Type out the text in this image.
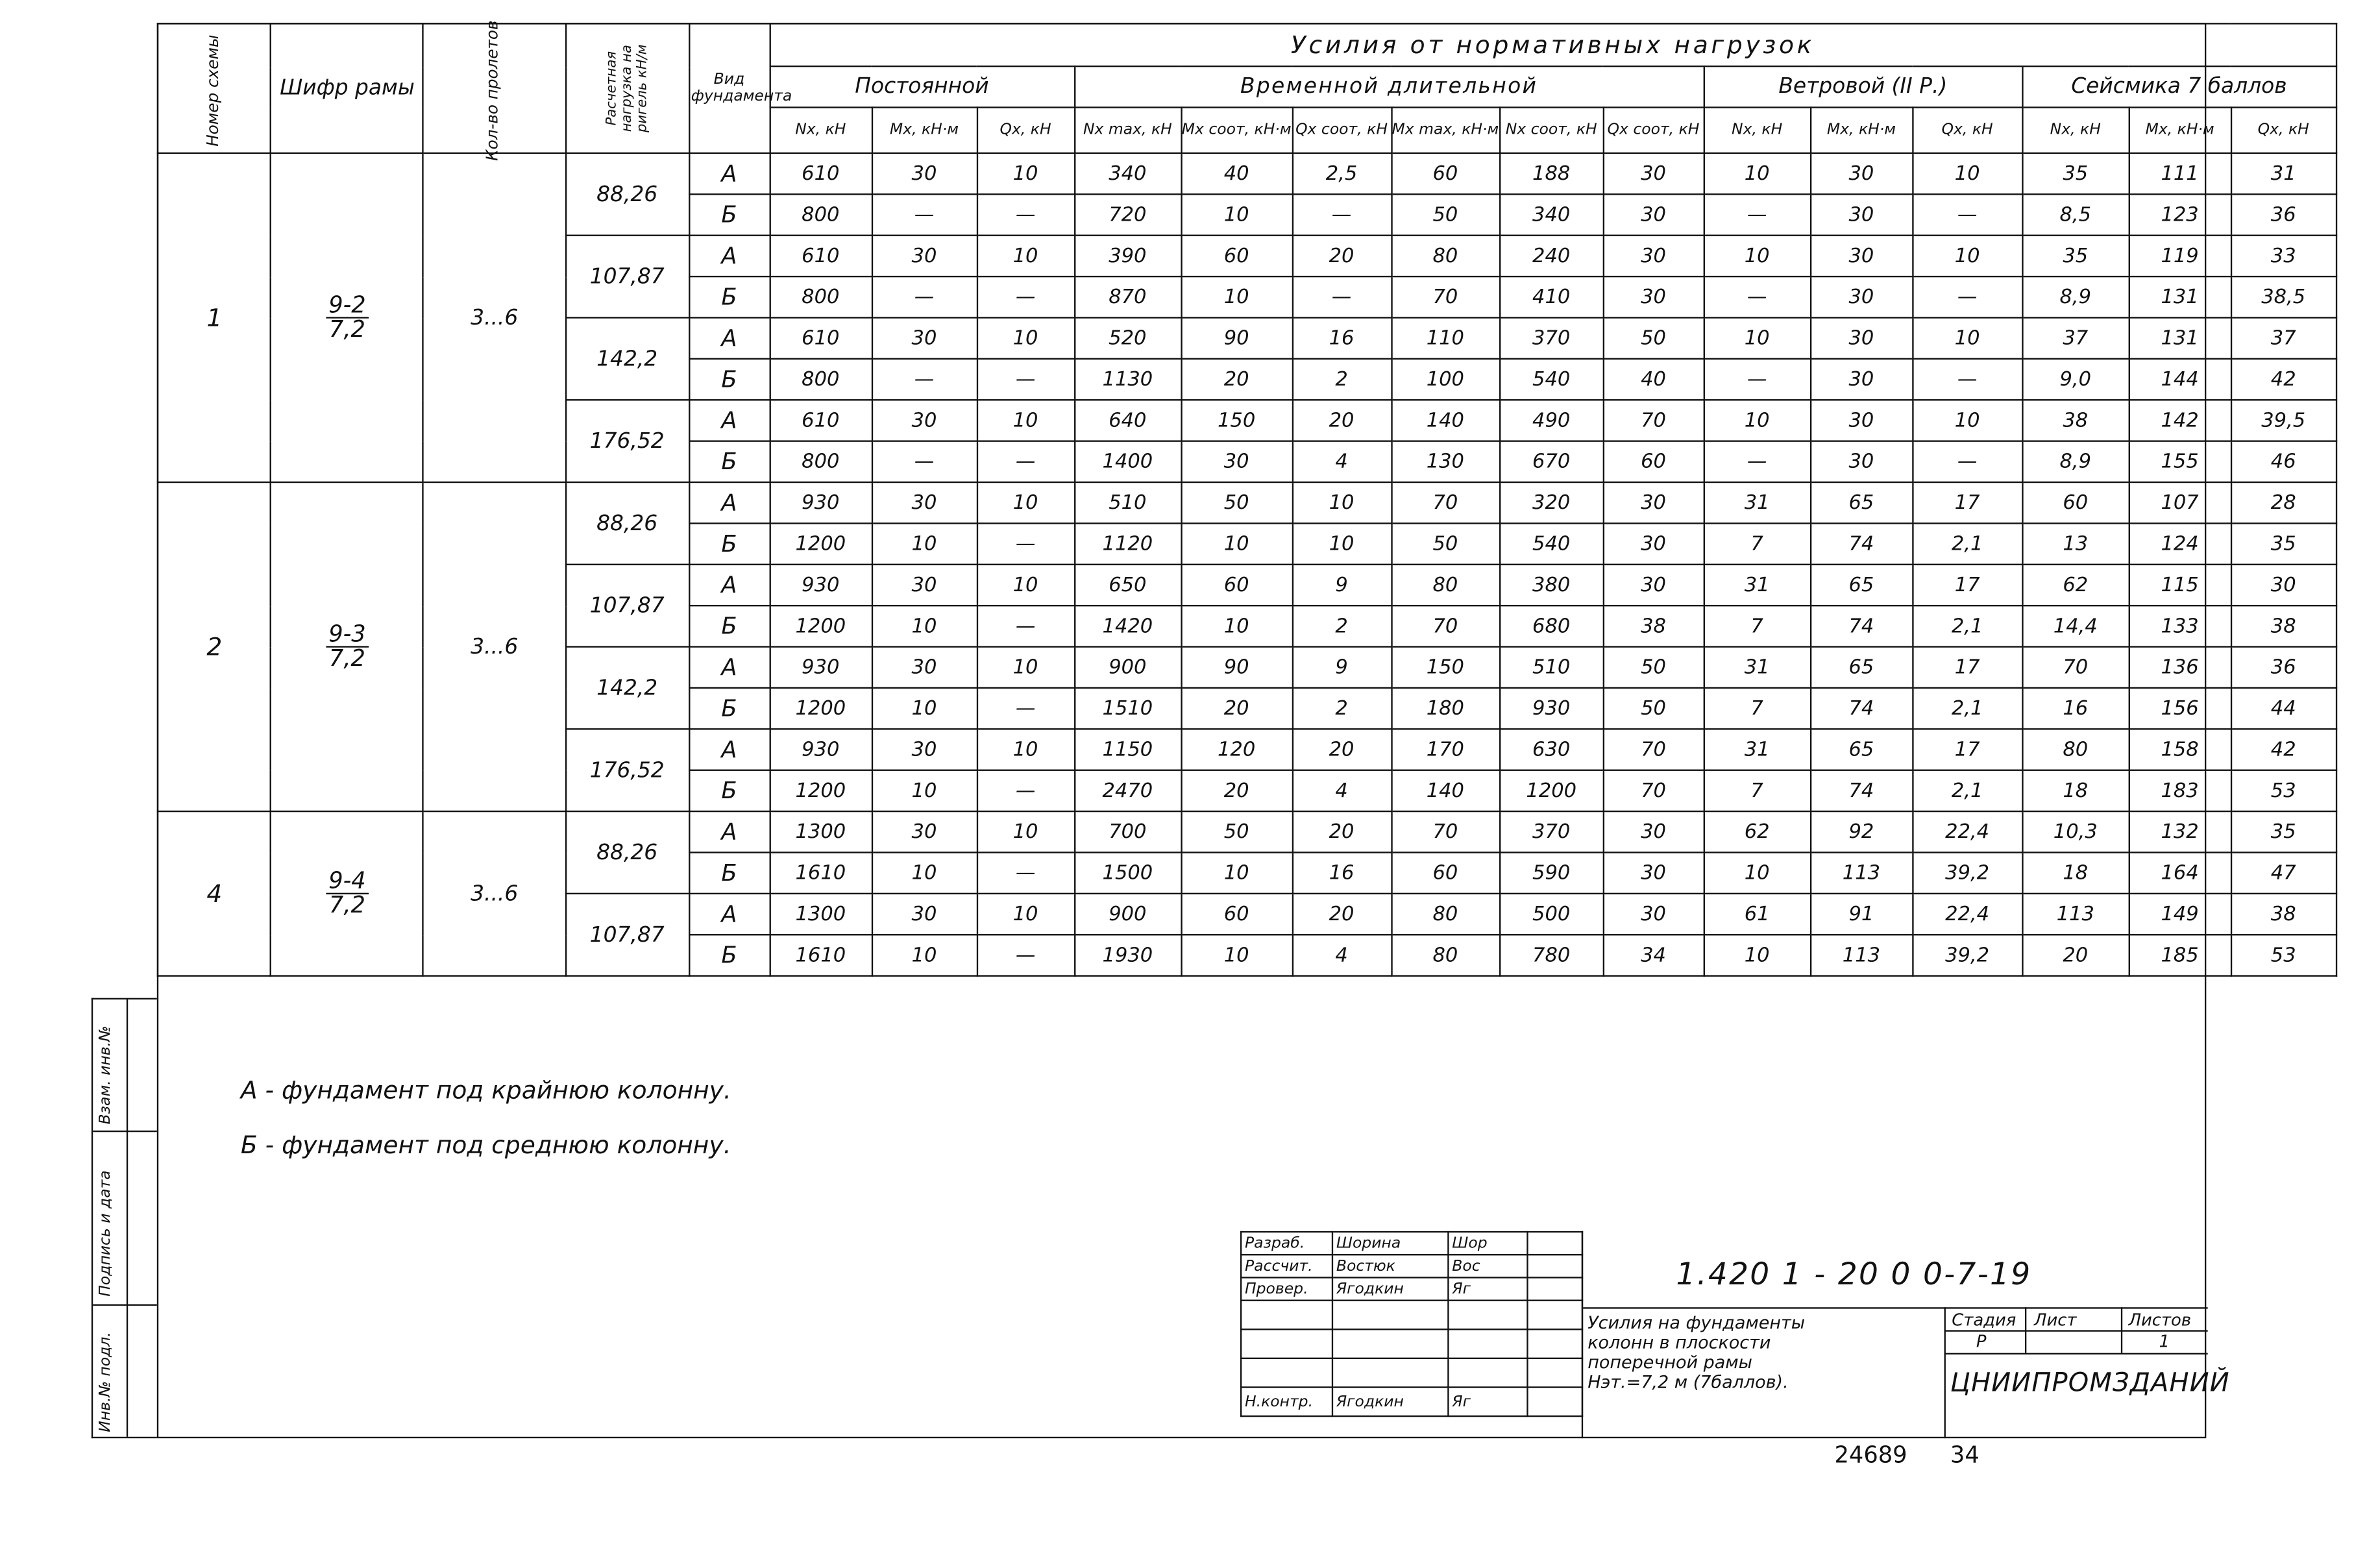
Инв.№ подл.
Подпись и дата
Взам. инв.№
Номер схемы	Шифр рамы	Кол-во пролетов	Расчетная нагрузка на ригель кН/м	Вид фундамента	Усилия от нормативных нагрузок														
					Постоянной			Временной длительной						Ветровой (II Р.)			Сейсмика 7 баллов		
					Nx, кН	Mx, кН·м	Qx, кН	Nx max, кН	Mx соот, кН·м	Qx соот, кН	Mx max, кН·м	Nx соот, кН	Qx соот, кН	Nx, кН	Mx, кН·м	Qx, кН	Nx, кН	Mx, кН·м	Qx, кН
1	$\frac{9-2}{7,2}$	3...6	88,26	А	610	30	10	340	40	2,5	60	188	30	10	30	10	35	111	31
				Б	800	—	—	720	10	—	50	340	30	—	30	—	8,5	123	36
			107,87	А	610	30	10	390	60	20	80	240	30	10	30	10	35	119	33
				Б	800	—	—	870	10	—	70	410	30	—	30	—	8,9	131	38,5
			142,2	А	610	30	10	520	90	16	110	370	50	10	30	10	37	131	37
				Б	800	—	—	1130	20	2	100	540	40	—	30	—	9,0	144	42
			176,52	А	610	30	10	640	150	20	140	490	70	10	30	10	38	142	39,5
				Б	800	—	—	1400	30	4	130	670	60	—	30	—	8,9	155	46
2	$\frac{9-3}{7,2}$	3...6	88,26	А	930	30	10	510	50	10	70	320	30	31	65	17	60	107	28
				Б	1200	10	—	1120	10	10	50	540	30	7	74	2,1	13	124	35
			107,87	А	930	30	10	650	60	9	80	380	30	31	65	17	62	115	30
				Б	1200	10	—	1420	10	2	70	680	38	7	74	2,1	14,4	133	38
			142,2	А	930	30	10	900	90	9	150	510	50	31	65	17	70	136	36
				Б	1200	10	—	1510	20	2	180	930	50	7	74	2,1	16	156	44
			176,52	А	930	30	10	1150	120	20	170	630	70	31	65	17	80	158	42
				Б	1200	10	—	2470	20	4	140	1200	70	7	74	2,1	18	183	53
4	$\frac{9-4}{7,2}$	3...6	88,26	А	1300	30	10	700	50	20	70	370	30	62	92	22,4	10,3	132	35
				Б	1610	10	—	1500	10	16	60	590	30	10	113	39,2	18	164	47
			107,87	А	1300	30	10	900	60	20	80	500	30	61	91	22,4	113	149	38
				Б	1610	10	—	1930	10	4	80	780	34	10	113	39,2	20	185	53
А - фундамент под крайнюю колонну.
Б - фундамент под среднюю колонну.
Разраб.	Шорина	Шор	
Рассчит.	Востюк	Вос	
Провер.	Ягодкин	Яг	

Н.контр.	Ягодкин	Яг	
Стадия	Лист	Листов
Р	1
1.420 1 - 20 0 0-7-19
Усилия на фундаменты
колонн в плоскости
поперечной рамы
Нэт.=7,2 м (7баллов).	ЦНИИПРОМЗДАНИЙ
24689	34
